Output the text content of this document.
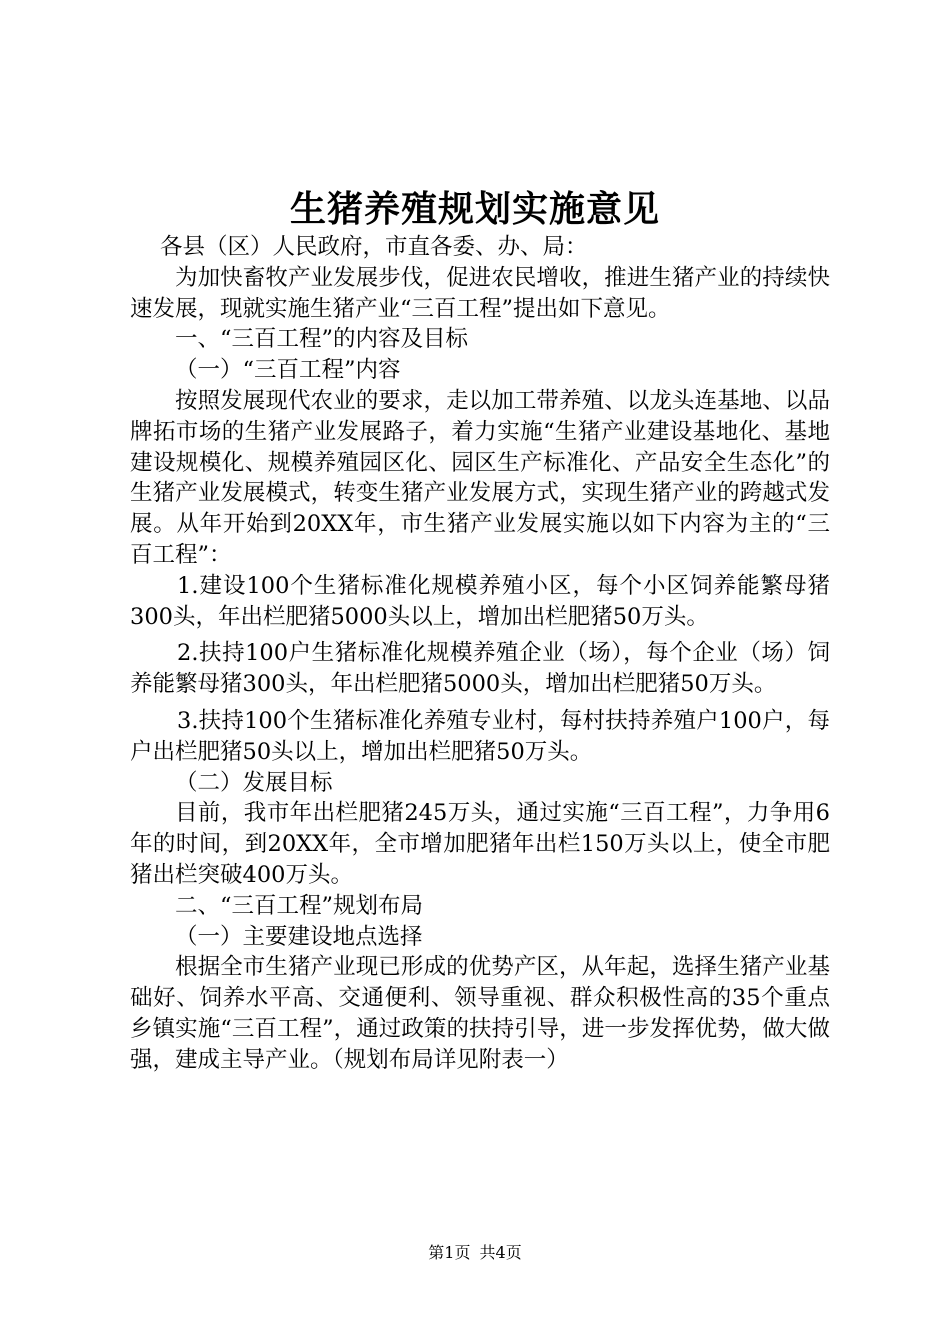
生猪养殖规划实施意见

各县（区）人民政府，市直各委、办、局：

为加快畜牧产业发展步伐，促进农民增收，推进生猪产业的持续快速发展，现就实施生猪产业“三百工程”提出如下意见。

一、“三百工程”的内容及目标

（一）“三百工程”内容

按照发展现代农业的要求，走以加工带养殖、以龙头连基地、以品牌拓市场的生猪产业发展路子，着力实施“生猪产业建设基地化、基地建设规模化、规模养殖园区化、园区生产标准化、产品安全生态化”的生猪产业发展模式，转变生猪产业发展方式，实现生猪产业的跨越式发展。从年开始到20XX年，市生猪产业发展实施以如下内容为主的“三百工程”：

1.建设100个生猪标准化规模养殖小区，每个小区饲养能繁母猪300头，年出栏肥猪5000头以上，增加出栏肥猪50万头。

2.扶持100户生猪标准化规模养殖企业（场），每个企业（场）饲养能繁母猪300头，年出栏肥猪5000头，增加出栏肥猪50万头。

3.扶持100个生猪标准化养殖专业村，每村扶持养殖户100户，每户出栏肥猪50头以上，增加出栏肥猪50万头。

（二）发展目标

目前，我市年出栏肥猪245万头，通过实施“三百工程”，力争用6年的时间，到20XX年，全市增加肥猪年出栏150万头以上，使全市肥猪出栏突破400万头。

二、“三百工程”规划布局

（一）主要建设地点选择

根据全市生猪产业现已形成的优势产区，从年起，选择生猪产业基础好、饲养水平高、交通便利、领导重视、群众积极性高的35个重点乡镇实施“三百工程”，通过政策的扶持引导，进一步发挥优势，做大做强，建成主导产业。（规划布局详见附表一）

第1页 共4页
